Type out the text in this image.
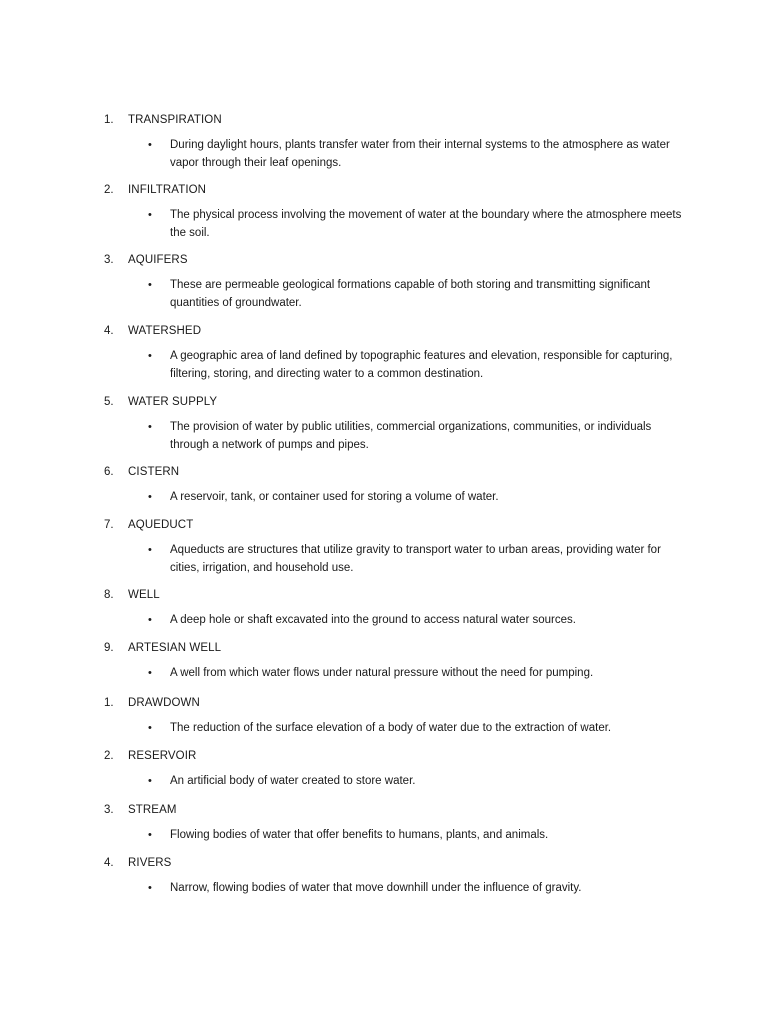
1.	TRANSPIRATION
• During daylight hours, plants transfer water from their internal systems to the atmosphere as water vapor through their leaf openings.
2.	INFILTRATION
• The physical process involving the movement of water at the boundary where the atmosphere meets the soil.
3.	AQUIFERS
• These are permeable geological formations capable of both storing and transmitting significant quantities of groundwater.
4.	WATERSHED
• A geographic area of land defined by topographic features and elevation, responsible for capturing, filtering, storing, and directing water to a common destination.
5.	WATER SUPPLY
• The provision of water by public utilities, commercial organizations, communities, or individuals through a network of pumps and pipes.
6.	CISTERN
• A reservoir, tank, or container used for storing a volume of water.
7.	AQUEDUCT
• Aqueducts are structures that utilize gravity to transport water to urban areas, providing water for cities, irrigation, and household use.
8.	WELL
• A deep hole or shaft excavated into the ground to access natural water sources.
9.	ARTESIAN WELL
• A well from which water flows under natural pressure without the need for pumping.
1.	DRAWDOWN
• The reduction of the surface elevation of a body of water due to the extraction of water.
2.	RESERVOIR
• An artificial body of water created to store water.
3.	STREAM
• Flowing bodies of water that offer benefits to humans, plants, and animals.
4.	RIVERS
• Narrow, flowing bodies of water that move downhill under the influence of gravity.
